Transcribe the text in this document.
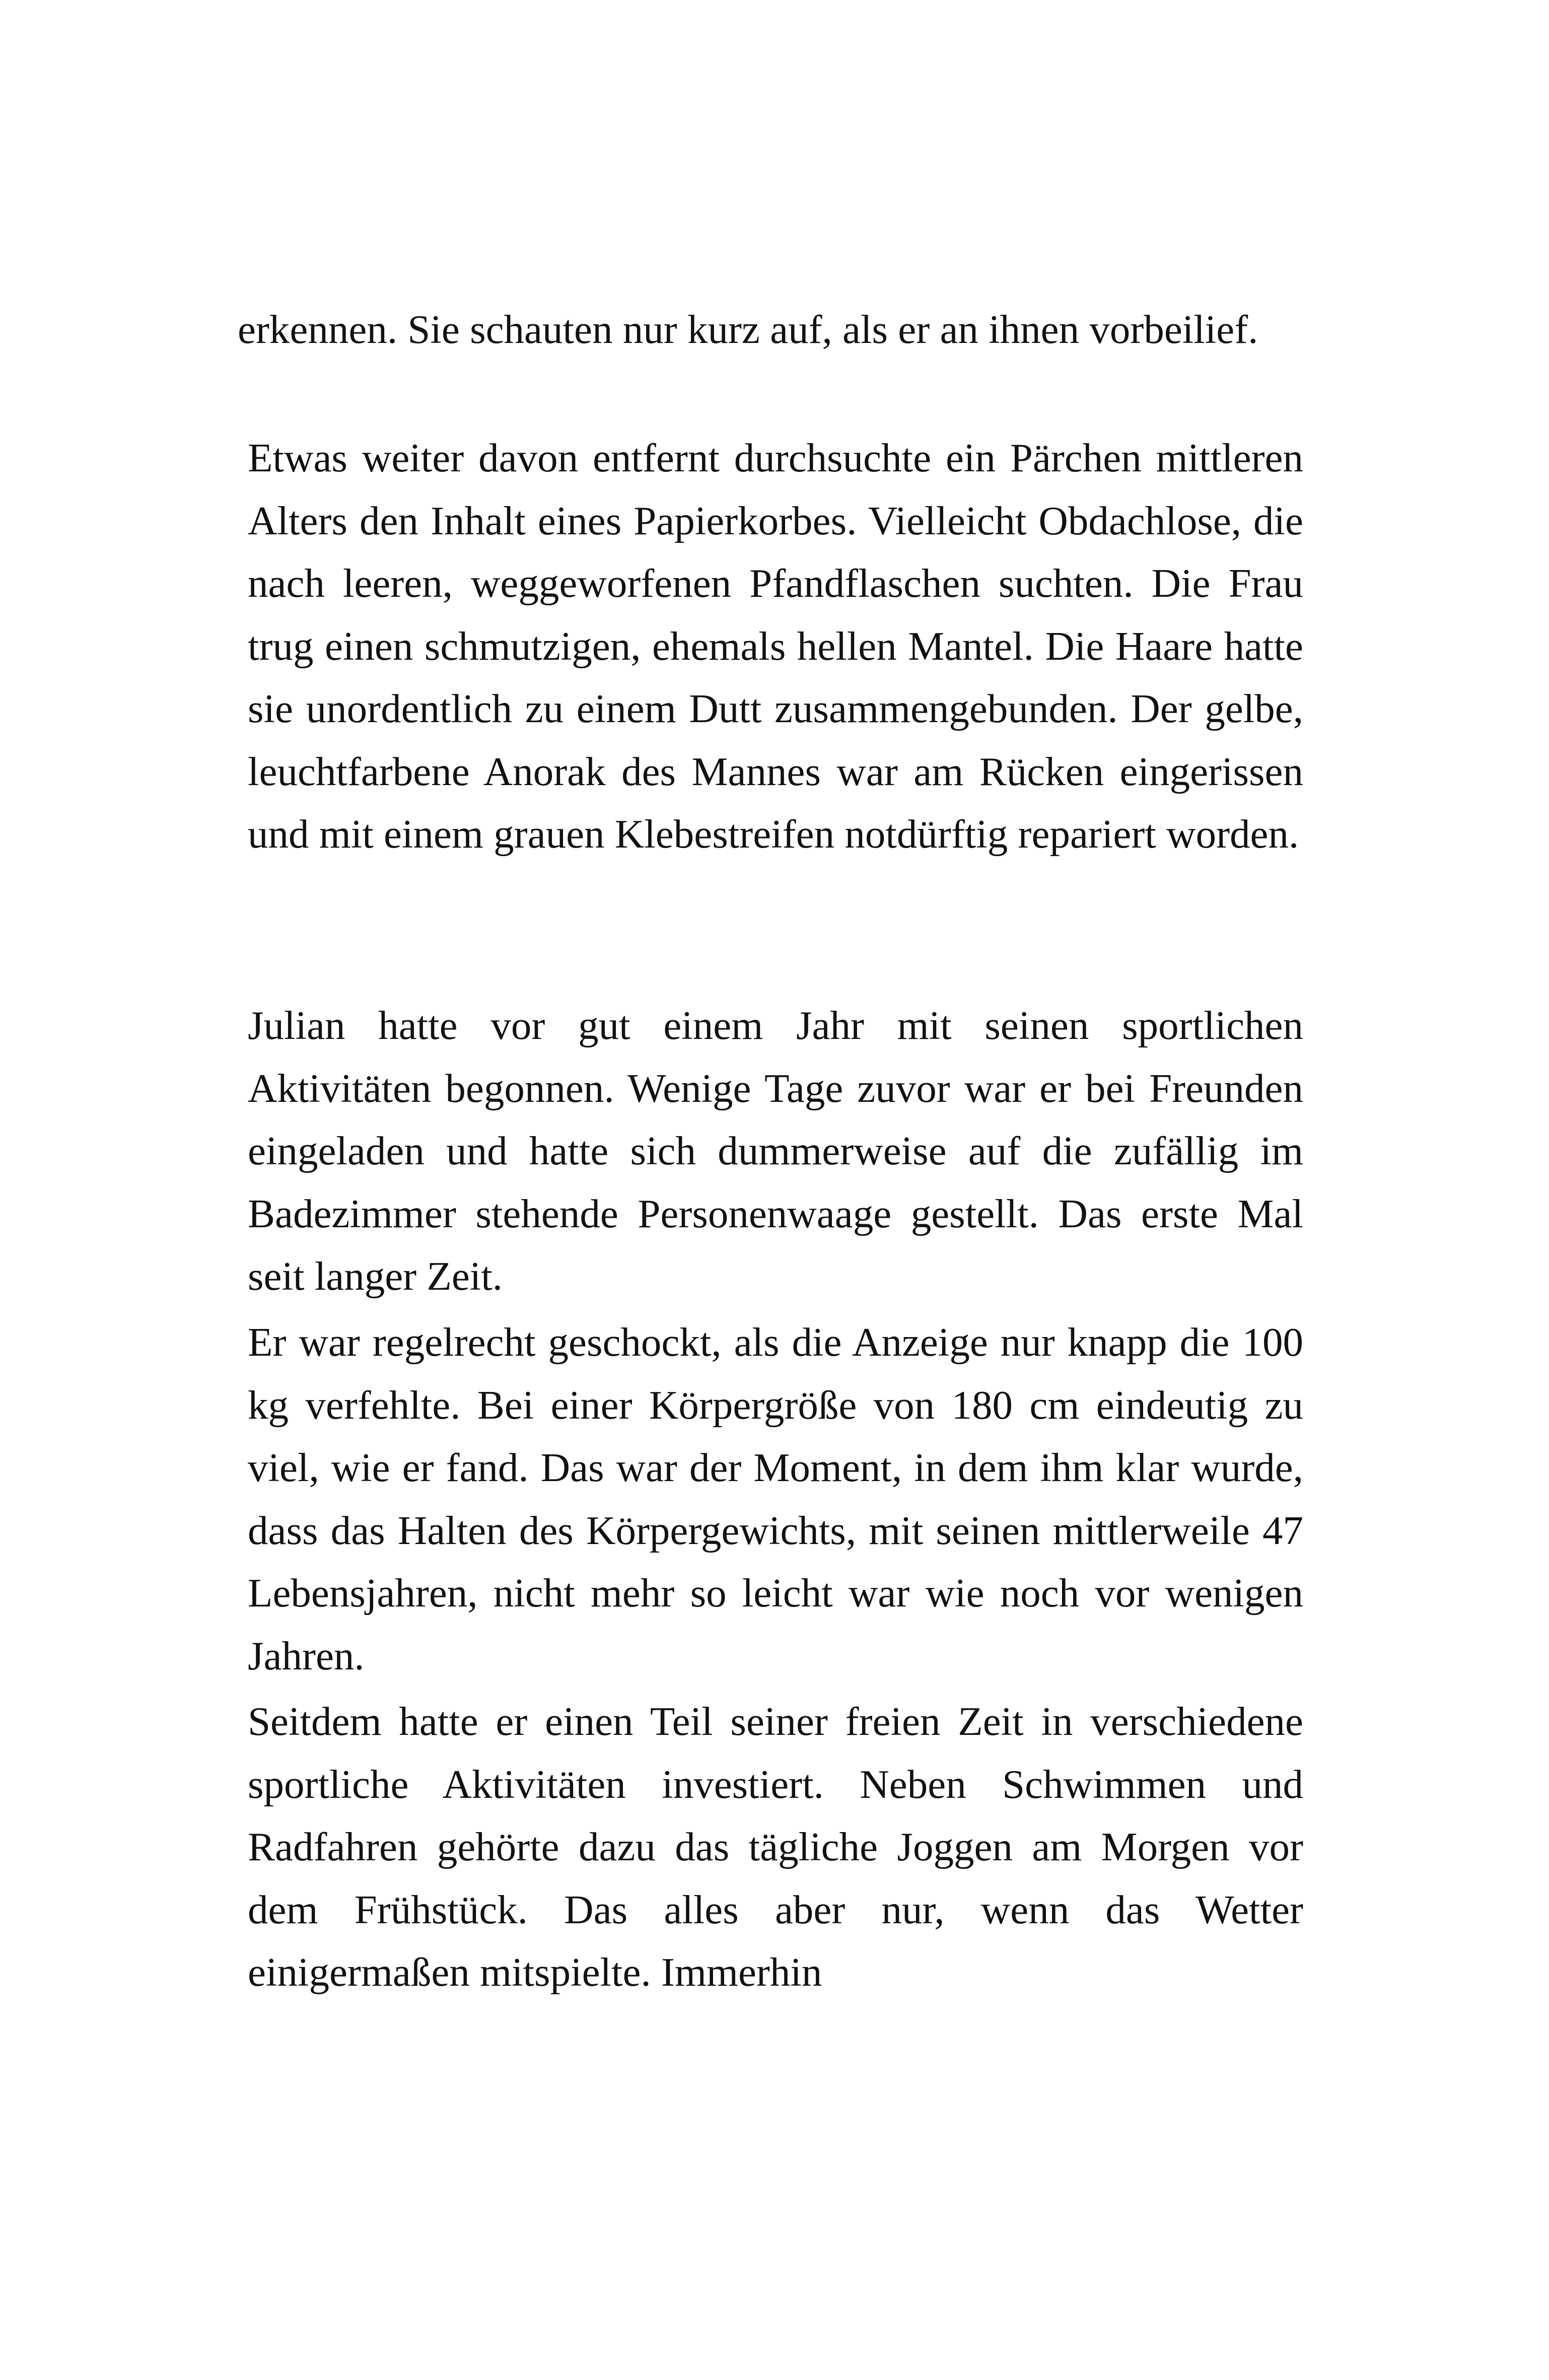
erkennen. Sie schauten nur kurz auf, als er an ihnen vorbeilief.

Etwas weiter davon entfernt durchsuchte ein Pärchen mittleren Alters den Inhalt eines Papierkorbes. Vielleicht Obdachlose, die nach leeren, weggeworfenen Pfandflaschen suchten. Die Frau trug einen schmutzigen, ehemals hellen Mantel. Die Haare hatte sie unordentlich zu einem Dutt zusammengebunden. Der gelbe, leuchtfarbene Anorak des Mannes war am Rücken eingerissen und mit einem grauen Klebestreifen notdürftig repariert worden.

Julian hatte vor gut einem Jahr mit seinen sportlichen Aktivitäten begonnen. Wenige Tage zuvor war er bei Freunden eingeladen und hatte sich dummerweise auf die zufällig im Badezimmer stehende Personenwaage gestellt. Das erste Mal seit langer Zeit.

Er war regelrecht geschockt, als die Anzeige nur knapp die 100 kg verfehlte. Bei einer Körpergröße von 180 cm eindeutig zu viel, wie er fand. Das war der Moment, in dem ihm klar wurde, dass das Halten des Körpergewichts, mit seinen mittlerweile 47 Lebensjahren, nicht mehr so leicht war wie noch vor wenigen Jahren.

Seitdem hatte er einen Teil seiner freien Zeit in verschiedene sportliche Aktivitäten investiert. Neben Schwimmen und Radfahren gehörte dazu das tägliche Joggen am Morgen vor dem Frühstück. Das alles aber nur, wenn das Wetter einigermaßen mitspielte. Immerhin
